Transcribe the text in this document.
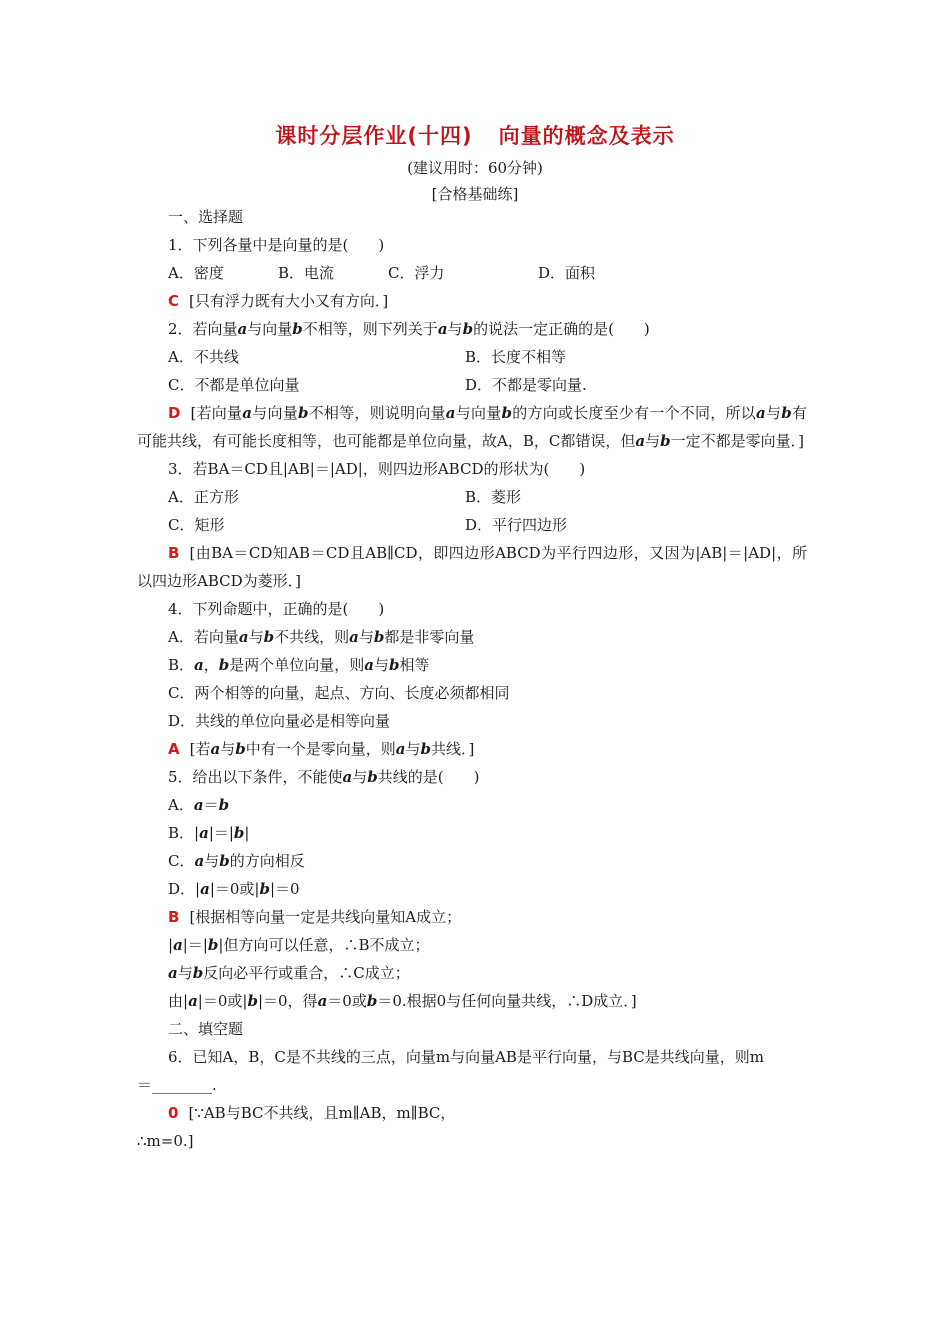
课时分层作业(十四) 向量的概念及表示
(建议用时：60分钟)
[合格基础练]
一、选择题
1．下列各量中是向量的是(　　)
A．密度	B．电流	C．浮力	D．面积
C [只有浮力既有大小又有方向．]
2．若向量a与向量b不相等，则下列关于a与b的说法一定正确的是(　　)
A．不共线	B．长度不相等
C．不都是单位向量	D．不都是零向量.
D [若向量a与向量b不相等，则说明向量a与向量b的方向或长度至少有一个不同，所以a与b有可能共线，有可能长度相等，也可能都是单位向量，故A，B，C都错误，但a与b一定不都是零向量．]
3．若BA＝CD且|AB|＝|AD|，则四边形ABCD的形状为(　　)
A．正方形	B．菱形
C．矩形	D．平行四边形
B [由BA＝CD知AB＝CD且AB∥CD，即四边形ABCD为平行四边形，又因为|AB|＝|AD|，所以四边形ABCD为菱形．]
4．下列命题中，正确的是(　　)
A．若向量a与b不共线，则a与b都是非零向量
B．a，b是两个单位向量，则a与b相等
C．两个相等的向量，起点、方向、长度必须都相同
D．共线的单位向量必是相等向量
A [若a与b中有一个是零向量，则a与b共线．]
5．给出以下条件，不能使a与b共线的是(　　)
A．a＝b
B．|a|＝|b|
C．a与b的方向相反
D．|a|＝0或|b|＝0
B [根据相等向量一定是共线向量知A成立；
|a|＝|b|但方向可以任意，∴B不成立；
a与b反向必平行或重合，∴C成立；
由|a|＝0或|b|＝0，得a＝0或b＝0.根据0与任何向量共线，∴D成立．]
二、填空题
6．已知A，B，C是不共线的三点，向量m与向量AB是平行向量，与BC是共线向量，则m
＝________.
0 [∵AB与BC不共线，且m∥AB，m∥BC，
∴m=0.]
